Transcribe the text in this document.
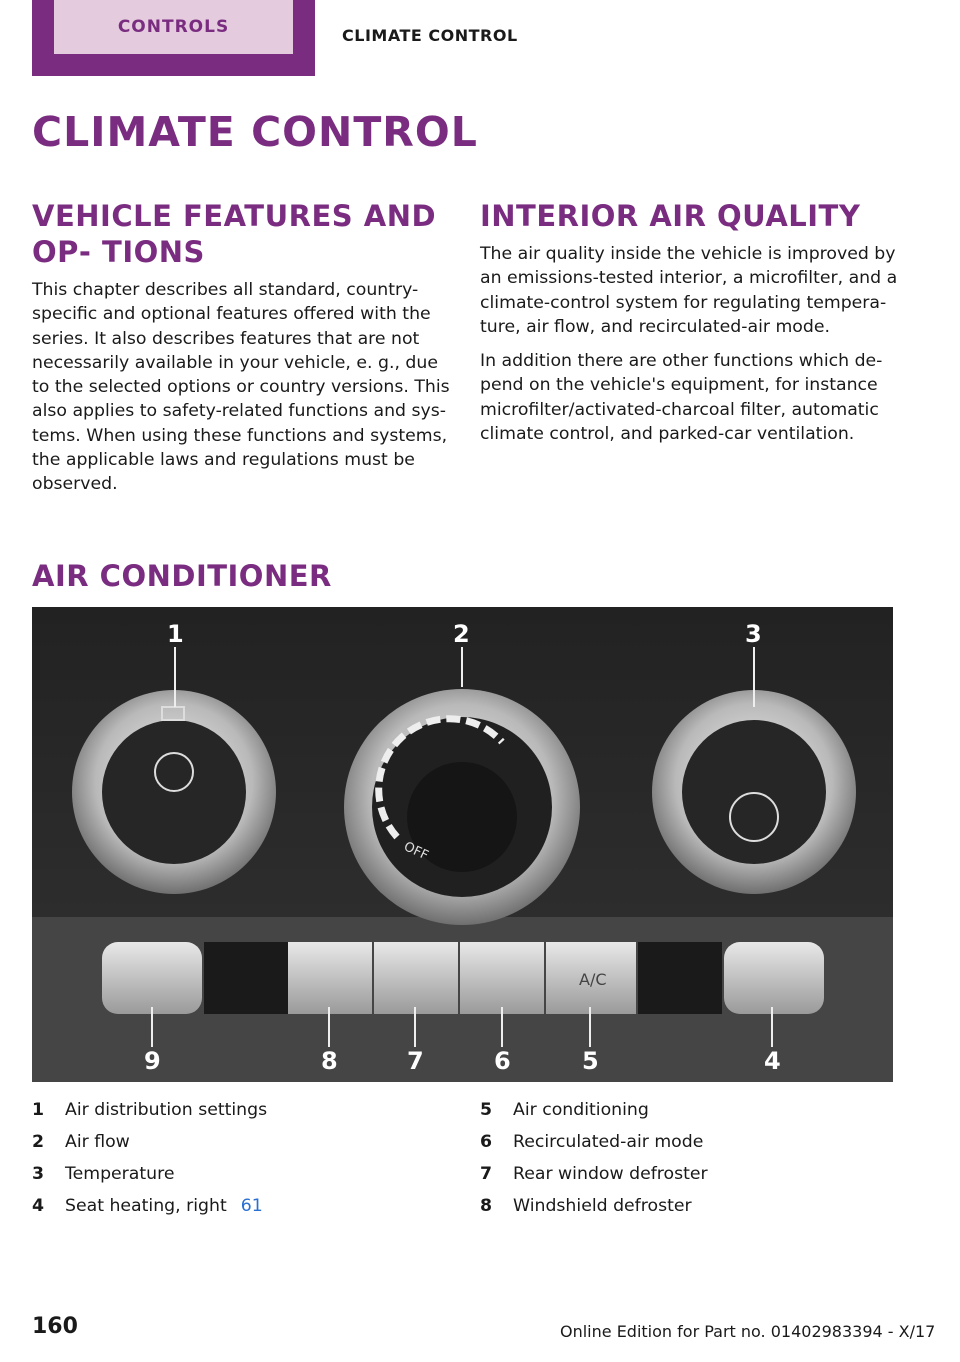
CONTROLS	CLIMATE CONTROL
CLIMATE CONTROL
VEHICLE FEATURES AND OP‐ TIONS

This chapter describes all standard, country- specific and optional features offered with the series. It also describes features that are not necessarily available in your vehicle, e. g., due to the selected options or country versions. This also applies to safety-related functions and sys‐ tems. When using these functions and systems, the applicable laws and regulations must be observed.

INTERIOR AIR QUALITY

The air quality inside the vehicle is improved by an emissions-tested interior, a microfilter, and a climate-control system for regulating tempera‐ ture, air flow, and recirculated-air mode.

In addition there are other functions which de‐ pend on the vehicle's equipment, for instance microfilter/activated-charcoal filter, automatic climate control, and parked-car ventilation.

AIR CONDITIONER
OFF
1	2	3
A/C
9	8	7	6	5	4
1	Air distribution settings
2	Air flow
3	Temperature
4	Seat heating, right 61
5	Air conditioning
6	Recirculated-air mode
7	Rear window defroster
8	Windshield defroster
160	Online Edition for Part no. 01402983394 - X/17
